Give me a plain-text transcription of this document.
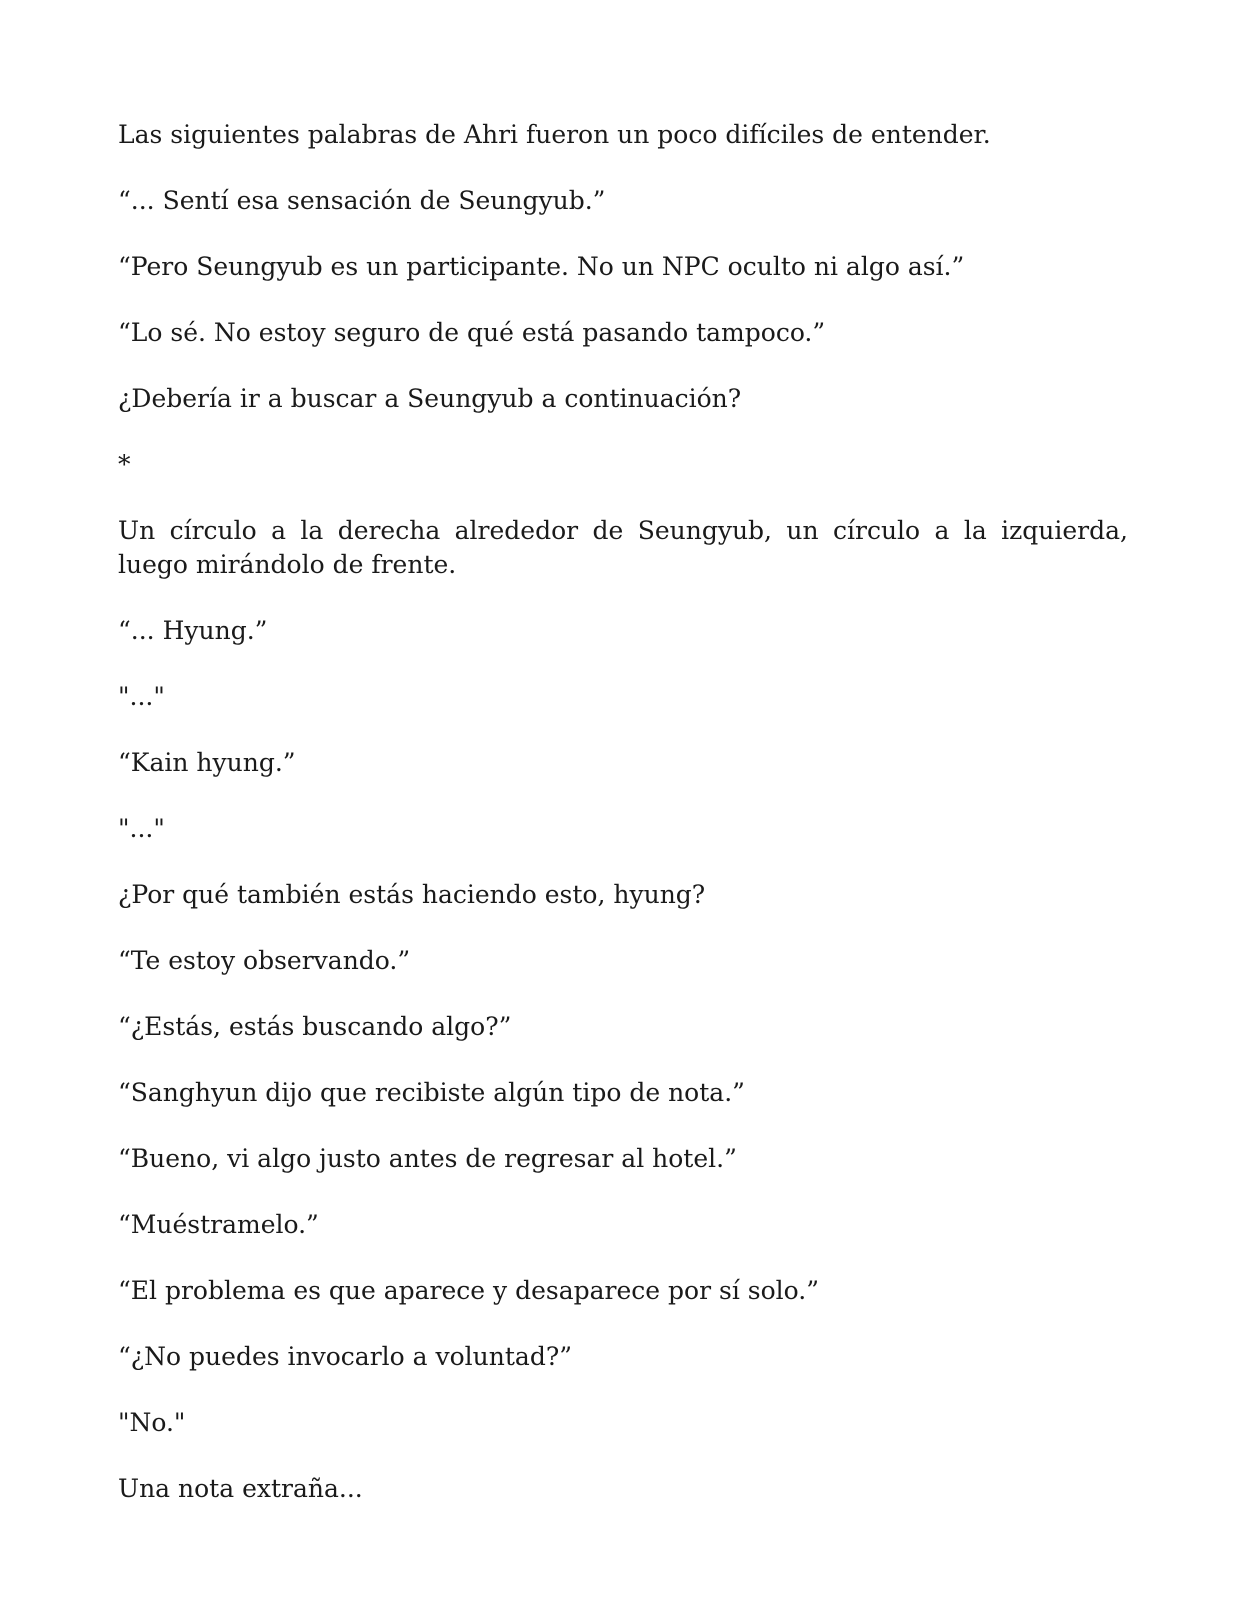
Las siguientes palabras de Ahri fueron un poco difíciles de entender.

“... Sentí esa sensación de Seungyub.”

“Pero Seungyub es un participante. No un NPC oculto ni algo así.”

“Lo sé. No estoy seguro de qué está pasando tampoco.”

¿Debería ir a buscar a Seungyub a continuación?

*

Un círculo a la derecha alrededor de Seungyub, un círculo a la izquierda, luego mirándolo de frente.

“... Hyung.”

"..."

“Kain hyung.”

"..."

¿Por qué también estás haciendo esto, hyung?

“Te estoy observando.”

“¿Estás, estás buscando algo?”

“Sanghyun dijo que recibiste algún tipo de nota.”

“Bueno, vi algo justo antes de regresar al hotel.”

“Muéstramelo.”

“El problema es que aparece y desaparece por sí solo.”

“¿No puedes invocarlo a voluntad?”

"No."

Una nota extraña...
